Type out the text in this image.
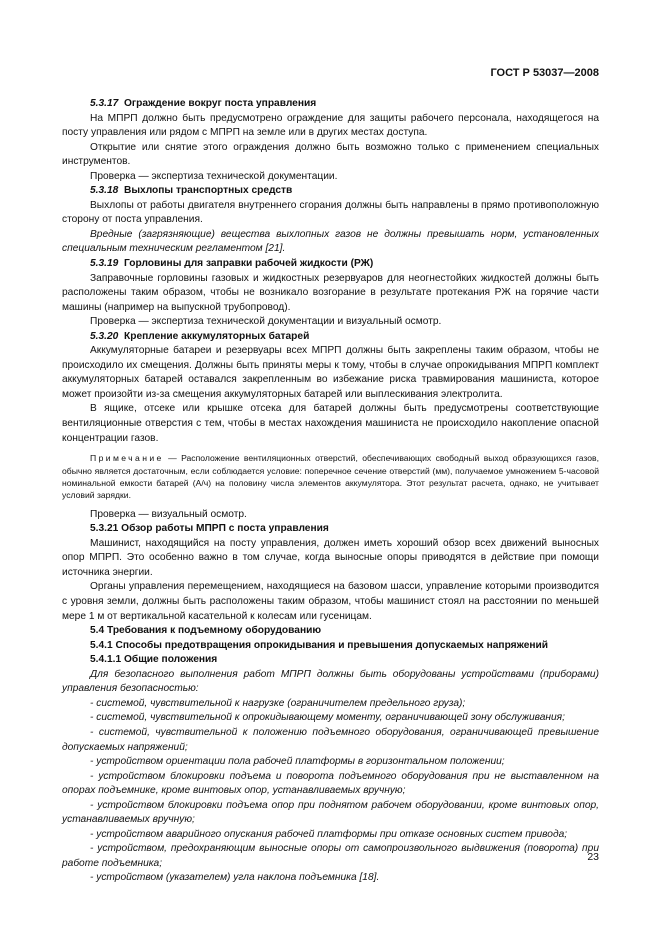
ГОСТ Р 53037—2008

5.3.17 Ограждение вокруг поста управления

На МПРП должно быть предусмотрено ограждение для защиты рабочего персонала, находящегося на посту управления или рядом с МПРП на земле или в других местах доступа.

Открытие или снятие этого ограждения должно быть возможно только с применением специальных инструментов.

Проверка — экспертиза технической документации.

5.3.18 Выхлопы транспортных средств

Выхлопы от работы двигателя внутреннего сгорания должны быть направлены в прямо противоположную сторону от поста управления.

Вредные (загрязняющие) вещества выхлопных газов не должны превышать норм, установленных специальным техническим регламентом [21].

5.3.19 Горловины для заправки рабочей жидкости (РЖ)

Заправочные горловины газовых и жидкостных резервуаров для неогнестойких жидкостей должны быть расположены таким образом, чтобы не возникало возгорание в результате протекания РЖ на горячие части машины (например на выпускной трубопровод).

Проверка — экспертиза технической документации и визуальный осмотр.

5.3.20 Крепление аккумуляторных батарей

Аккумуляторные батареи и резервуары всех МПРП должны быть закреплены таким образом, чтобы не происходило их смещения. Должны быть приняты меры к тому, чтобы в случае опрокидывания МПРП комплект аккумуляторных батарей оставался закрепленным во избежание риска травмирования машиниста, которое может произойти из-за смещения аккумуляторных батарей или выплескивания электролита.

В ящике, отсеке или крышке отсека для батарей должны быть предусмотрены соответствующие вентиляционные отверстия с тем, чтобы в местах нахождения машиниста не происходило накопление опасной концентрации газов.

Примечание — Расположение вентиляционных отверстий, обеспечивающих свободный выход образующихся газов, обычно является достаточным, если соблюдается условие: поперечное сечение отверстий (мм), получаемое умножением 5-часовой номинальной емкости батарей (А/ч) на половину числа элементов аккумулятора. Этот результат расчета, однако, не учитывает условий зарядки.

Проверка — визуальный осмотр.

5.3.21 Обзор работы МПРП с поста управления

Машинист, находящийся на посту управления, должен иметь хороший обзор всех движений выносных опор МПРП. Это особенно важно в том случае, когда выносные опоры приводятся в действие при помощи источника энергии.

Органы управления перемещением, находящиеся на базовом шасси, управление которыми производится с уровня земли, должны быть расположены таким образом, чтобы машинист стоял на расстоянии по меньшей мере 1 м от вертикальной касательной к колесам или гусеницам.

5.4 Требования к подъемному оборудованию

5.4.1 Способы предотвращения опрокидывания и превышения допускаемых напряжений

5.4.1.1 Общие положения

Для безопасного выполнения работ МПРП должны быть оборудованы устройствами (приборами) управления безопасностью:

- системой, чувствительной к нагрузке (ограничителем предельного груза);

- системой, чувствительной к опрокидывающему моменту, ограничивающей зону обслуживания;

- системой, чувствительной к положению подъемного оборудования, ограничивающей превышение допускаемых напряжений;

- устройством ориентации пола рабочей платформы в горизонтальном положении;

- устройством блокировки подъема и поворота подъемного оборудования при не выставленном на опорах подъемнике, кроме винтовых опор, устанавливаемых вручную;

- устройством блокировки подъема опор при поднятом рабочем оборудовании, кроме винтовых опор, устанавливаемых вручную;

- устройством аварийного опускания рабочей платформы при отказе основных систем привода;

- устройством, предохраняющим выносные опоры от самопроизвольного выдвижения (поворота) при работе подъемника;

- устройством (указателем) угла наклона подъемника [18].

23
